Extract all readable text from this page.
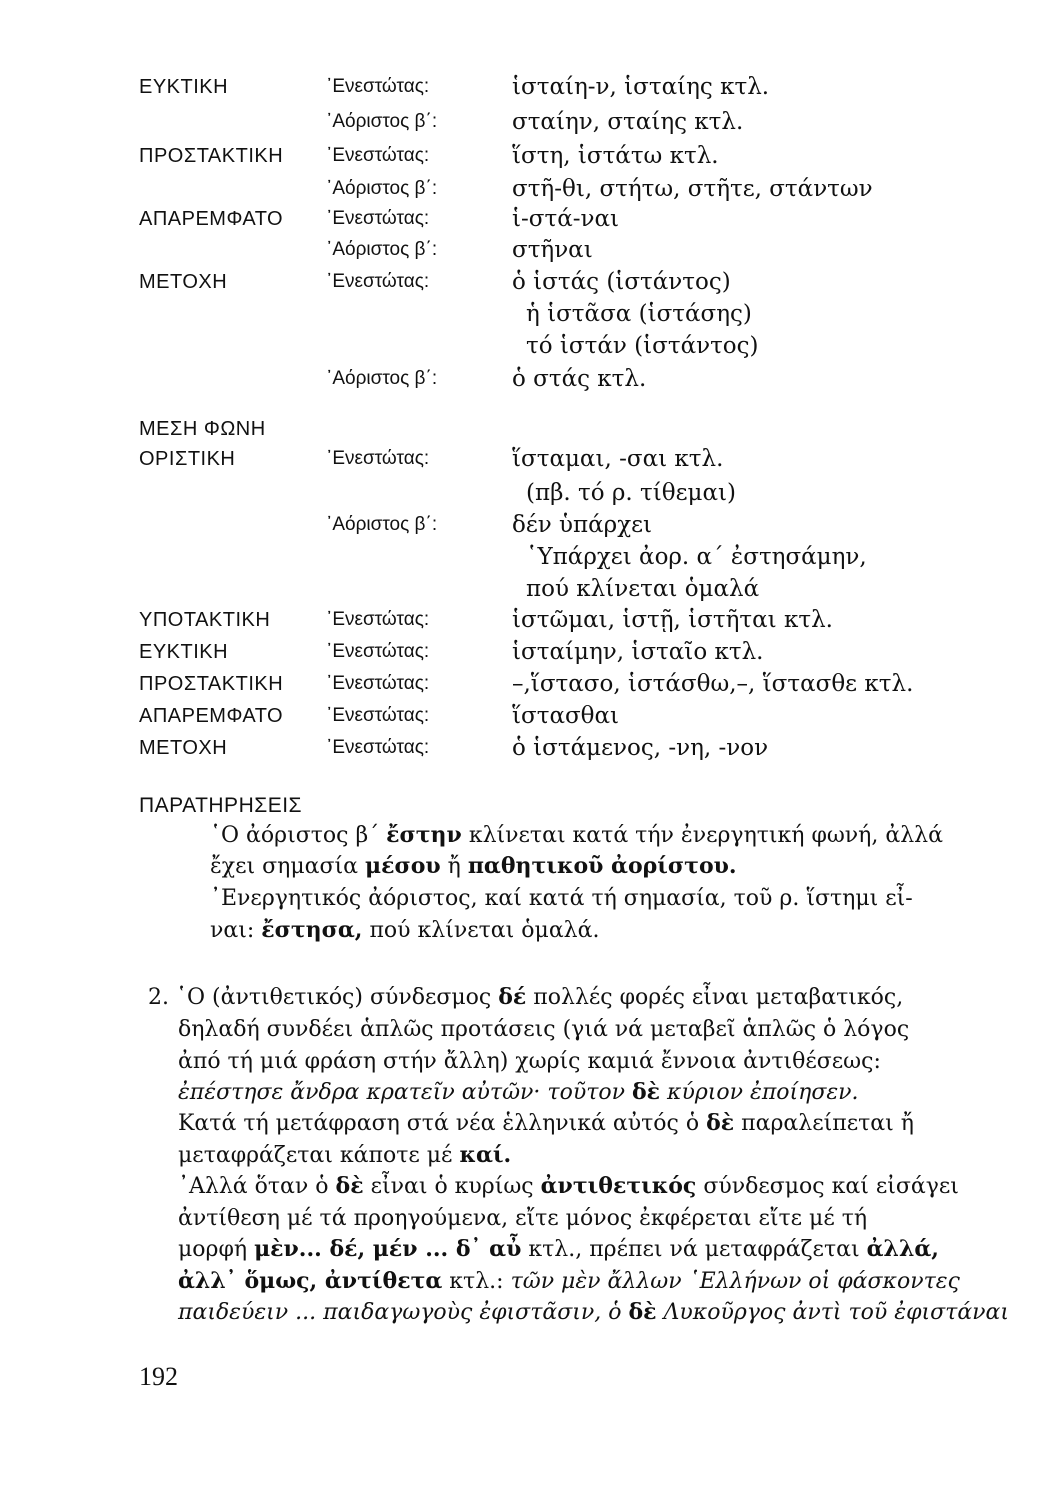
ΕΥΚΤΙΚΗ	᾿Ενεστώτας:	ἱσταίη-ν, ἱσταίης κτλ.
᾿Αόριστος β΄:	σταίην, σταίης κτλ.
ΠΡΟΣΤΑΚΤΙΚΗ ᾿Ενεστώτας:	ἵστη, ἱστάτω κτλ.
᾿Αόριστος β΄:	στῆ-θι, στήτω, στῆτε, στάντων
ΑΠΑΡΕΜΦΑΤΟ ᾿Ενεστώτας:	ἱ-στά-ναι
᾿Αόριστος β΄:	στῆναι
ΜΕΤΟΧΗ	᾿Ενεστώτας:	ὁ ἱστάς (ἱστάντος)
ἡ ἱστᾶσα (ἱστάσης)
τό ἱστάν (ἱστάντος)
᾿Αόριστος β΄:	ὁ στάς κτλ.
ΜΕΣΗ ΦΩΝΗ
ΟΡΙΣΤΙΚΗ	᾿Ενεστώτας:	ἵσταμαι, -σαι κτλ.
(πβ. τό ρ. τίθεμαι)
᾿Αόριστος β΄:	δέν ὑπάρχει
῾Υπάρχει ἀορ. α΄ ἐστησάμην,
πού κλίνεται ὁμαλά
ΥΠΟΤΑΚΤΙΚΗ	᾿Ενεστώτας:	ἱστῶμαι, ἱστῇ, ἱστῆται κτλ.
ΕΥΚΤΙΚΗ	᾿Ενεστώτας:	ἱσταίμην, ἱσταῖο κτλ.
ΠΡΟΣΤΑΚΤΙΚΗ ᾿Ενεστώτας:	–,ἵστασο, ἱστάσθω,–, ἵστασθε κτλ.
ΑΠΑΡΕΜΦΑΤΟ ᾿Ενεστώτας:	ἵστασθαι
ΜΕΤΟΧΗ	᾿Ενεστώτας:	ὁ ἱστάμενος, -νη, -νον
ΠΑΡΑΤΗΡΗΣΕΙΣ
῾Ο ἀόριστος β΄ ἔστην κλίνεται κατά τήν ἐνεργητική φωνή, ἀλλά
ἔχει σημασία μέσου ἤ παθητικοῦ ἀορίστου.
᾿Ενεργητικός ἀόριστος, καί κατά τή σημασία, τοῦ ρ. ἵστημι εἶ-
ναι: ἔστησα, πού κλίνεται ὁμαλά.
2. ῾Ο (ἀντιθετικός) σύνδεσμος δέ πολλές φορές εἶναι μεταβατικός,
δηλαδή συνδέει ἁπλῶς προτάσεις (γιά νά μεταβεῖ ἁπλῶς ὁ λόγος
ἀπό τή μιά φράση στήν ἄλλη) χωρίς καμιά ἔννοια ἀντιθέσεως:
ἐπέστησε ἄνδρα κρατεῖν αὐτῶν· τοῦτον δὲ κύριον ἐποίησεν.
Κατά τή μετάφραση στά νέα ἑλληνικά αὐτός ὁ δὲ παραλείπεται ἤ
μεταφράζεται κάποτε μέ καί.
᾿Αλλά ὅταν ὁ δὲ εἶναι ὁ κυρίως ἀντιθετικός σύνδεσμος καί εἰσάγει
ἀντίθεση μέ τά προηγούμενα, εἴτε μόνος ἐκφέρεται εἴτε μέ τή
μορφή μὲν... δέ, μέν ... δ᾿ αὖ κτλ., πρέπει νά μεταφράζεται ἀλλά,
ἀλλ᾿ ὅμως, ἀντίθετα κτλ.: τῶν μὲν ἄλλων ῾Ελλήνων οἱ φάσκοντες
παιδεύειν ... παιδαγωγοὺς ἐφιστᾶσιν, ὁ δὲ Λυκοῦργος ἀντὶ τοῦ ἐφιστάναι
192
